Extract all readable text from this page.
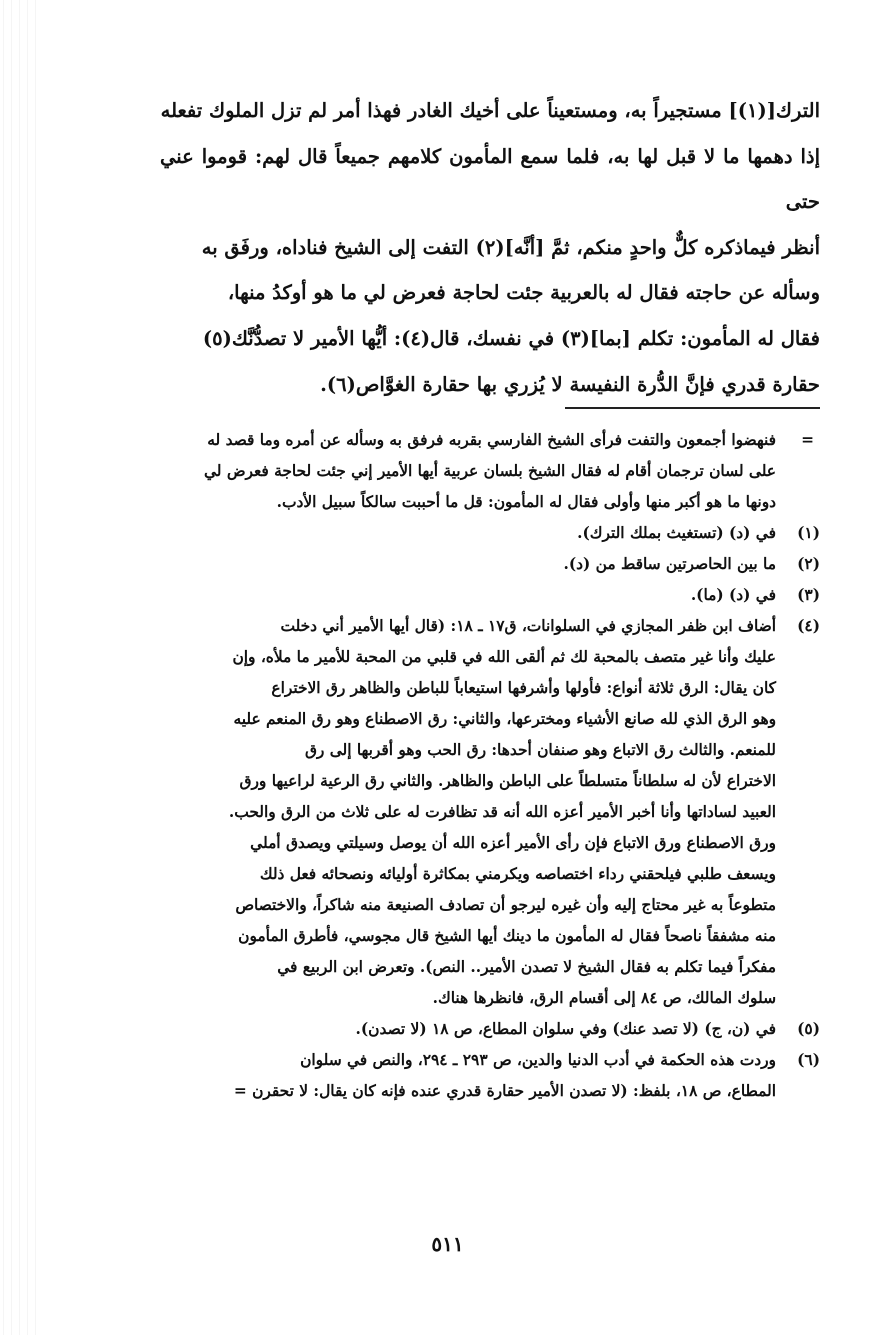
الترك[(١)] مستجيراً به، ومستعيناً على أخيك الغادر فهذا أمر لم تزل الملوك تفعله

إذا دهمها ما لا قبل لها به، فلما سمع المأمون كلامهم جميعاً قال لهم: قوموا عني حتى

أنظر فيماذكره كلٌّ واحدٍ منكم، ثمَّ [أنَّه](٢) التفت إلى الشيخ فناداه، ورفَق به

وسأله عن حاجته فقال له بالعربية جئت لحاجة فعرض لي ما هو أوكدُ منها،

فقال له المأمون: تكلم [بما](٣) في نفسك، قال(٤): أيُّها الأمير لا تصدُّنَّك(٥)

حقارة قدري فإنَّ الدُّرة النفيسة لا يُزري بها حقارة الغوَّاص(٦).

=
فنهضوا أجمعون والتفت فرأى الشيخ الفارسي بقربه فرفق به وسأله عن أمره وما قصد له
على لسان ترجمان أقام له فقال الشيخ بلسان عربية أيها الأمير إني جئت لحاجة فعرض لي
دونها ما هو أكبر منها وأولى فقال له المأمون: قل ما أحببت سالكاً سبيل الأدب.
(١)
في (د) (تستغيث بملك الترك).
(٢)
ما بين الحاصرتين ساقط من (د).
(٣)
في (د) (ما).
(٤)
أضاف ابن ظفر المجازي في السلوانات، ق١٧ ـ ١٨: (قال أيها الأمير أني دخلت
عليك وأنا غير متصف بالمحبة لك ثم ألقى الله في قلبي من المحبة للأمير ما ملأه، وإن
كان يقال: الرق ثلاثة أنواع: فأولها وأشرفها استيعاباً للباطن والظاهر رق الاختراع
وهو الرق الذي لله صانع الأشياء ومخترعها، والثاني: رق الاصطناع وهو رق المنعم عليه
للمنعم. والثالث رق الاتباع وهو صنفان أحدها: رق الحب وهو أقربها إلى رق
الاختراع لأن له سلطاناً متسلطاً على الباطن والظاهر. والثاني رق الرعية لراعيها ورق
العبيد لساداتها وأنا أخبر الأمير أعزه الله أنه قد تظافرت له على ثلاث من الرق والحب.
ورق الاصطناع ورق الاتباع فإن رأى الأمير أعزه الله أن يوصل وسيلتي ويصدق أملي
ويسعف طلبي فيلحقني رداء اختصاصه ويكرمني بمكاثرة أوليائه ونصحائه فعل ذلك
متطوعاً به غير محتاج إليه وأن غيره ليرجو أن تصادف الصنيعة منه شاكراً، والاختصاص
منه مشفقاً ناصحاً فقال له المأمون ما دينك أيها الشيخ قال مجوسي، فأطرق المأمون
مفكراً فيما تكلم به فقال الشيخ لا تصدن الأمير.. النص). وتعرض ابن الربيع في
سلوك المالك، ص ٨٤ إلى أقسام الرق، فانظرها هناك.
(٥)
في (ن، ج) (لا تصد عنك) وفي سلوان المطاع، ص ١٨ (لا تصدن).
(٦)
وردت هذه الحكمة في أدب الدنيا والدين، ص ٢٩٣ ـ ٢٩٤، والنص في سلوان
المطاع، ص ١٨، بلفظ: (لا تصدن الأمير حقارة قدري عنده فإنه كان يقال: لا تحقرن =
٥١١
